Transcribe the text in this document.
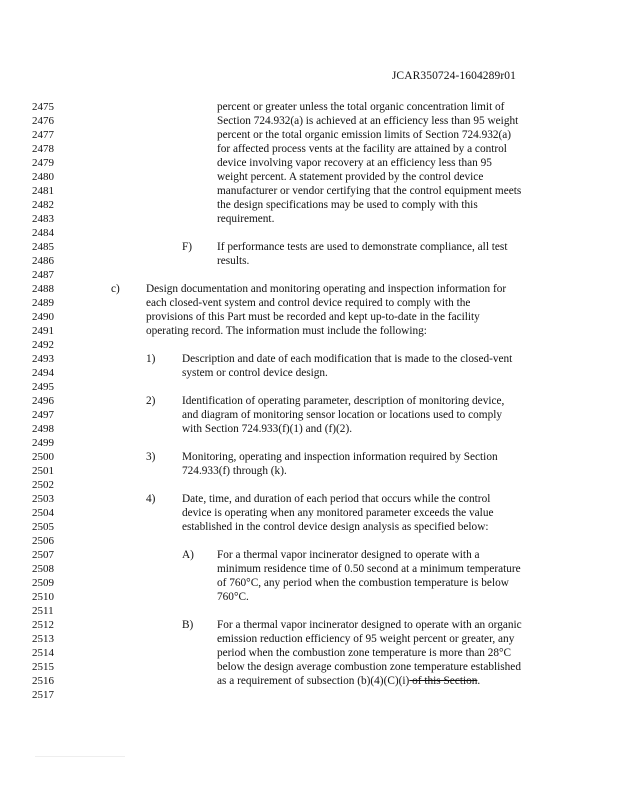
JCAR350724-1604289r01
2475	percent or greater unless the total organic concentration limit of
2476	Section 724.932(a) is achieved at an efficiency less than 95 weight
2477	percent or the total organic emission limits of Section 724.932(a)
2478	for affected process vents at the facility are attained by a control
2479	device involving vapor recovery at an efficiency less than 95
2480	weight percent. A statement provided by the control device
2481	manufacturer or vendor certifying that the control equipment meets
2482	the design specifications may be used to comply with this
2483	requirement.
2484
2485	F) If performance tests are used to demonstrate compliance, all test
2486	results.
2487
2488	c) Design documentation and monitoring operating and inspection information for
2489	each closed-vent system and control device required to comply with the
2490	provisions of this Part must be recorded and kept up-to-date in the facility
2491	operating record. The information must include the following:
2492
2493	1) Description and date of each modification that is made to the closed-vent
2494	system or control device design.
2495
2496	2) Identification of operating parameter, description of monitoring device,
2497	and diagram of monitoring sensor location or locations used to comply
2498	with Section 724.933(f)(1) and (f)(2).
2499
2500	3) Monitoring, operating and inspection information required by Section
2501	724.933(f) through (k).
2502
2503	4) Date, time, and duration of each period that occurs while the control
2504	device is operating when any monitored parameter exceeds the value
2505	established in the control device design analysis as specified below:
2506
2507	A) For a thermal vapor incinerator designed to operate with a
2508	minimum residence time of 0.50 second at a minimum temperature
2509	of 760°C, any period when the combustion temperature is below
2510	760°C.
2511
2512	B) For a thermal vapor incinerator designed to operate with an organic
2513	emission reduction efficiency of 95 weight percent or greater, any
2514	period when the combustion zone temperature is more than 28°C
2515	below the design average combustion zone temperature established
2516	as a requirement of subsection (b)(4)(C)(i) of this Section.
2517
